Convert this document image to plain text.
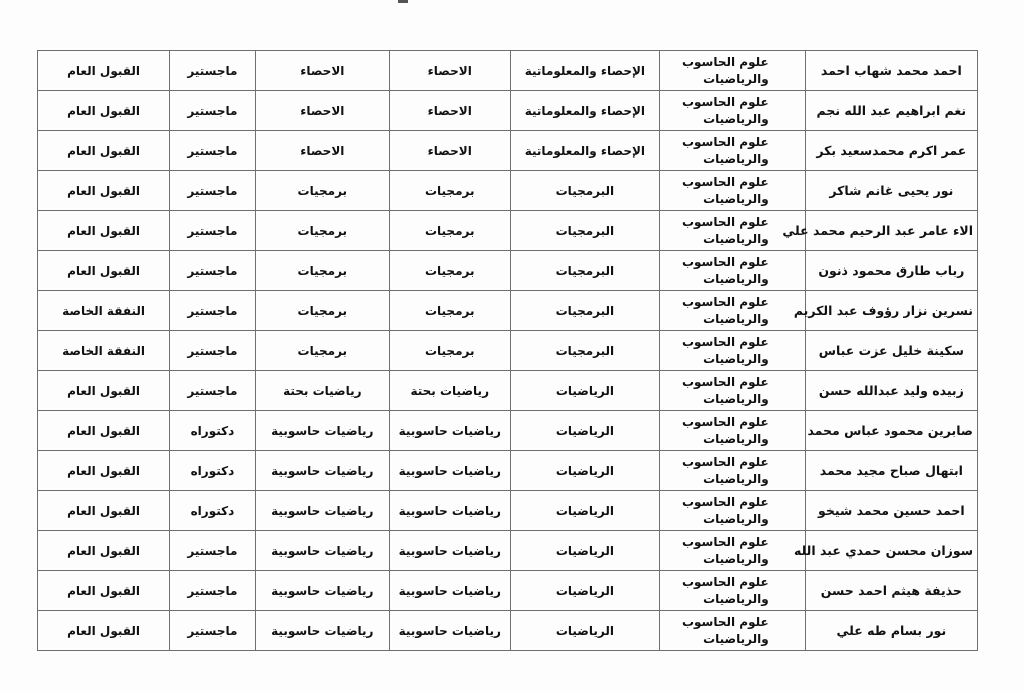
احمد محمد شهاب احمد	علوم الحاسوب والرياضيات	الإحصاء والمعلوماتية	الاحصاء	الاحصاء	ماجستير	القبول العام
نغم ابراهيم عبد الله نجم	علوم الحاسوب والرياضيات	الإحصاء والمعلوماتية	الاحصاء	الاحصاء	ماجستير	القبول العام
عمر اكرم محمدسعيد بكر	علوم الحاسوب والرياضيات	الإحصاء والمعلوماتية	الاحصاء	الاحصاء	ماجستير	القبول العام
نور يحيى غانم شاكر	علوم الحاسوب والرياضيات	البرمجيات	برمجيات	برمجيات	ماجستير	القبول العام
الاء عامر عبد الرحيم محمد علي	علوم الحاسوب والرياضيات	البرمجيات	برمجيات	برمجيات	ماجستير	القبول العام
رباب طارق محمود ذنون	علوم الحاسوب والرياضيات	البرمجيات	برمجيات	برمجيات	ماجستير	القبول العام
نسرين نزار رؤوف عبد الكريم	علوم الحاسوب والرياضيات	البرمجيات	برمجيات	برمجيات	ماجستير	النفقة الخاصة
سكينة خليل عزت عباس	علوم الحاسوب والرياضيات	البرمجيات	برمجيات	برمجيات	ماجستير	النفقة الخاصة
زبيده وليد عبدالله حسن	علوم الحاسوب والرياضيات	الرياضيات	رياضيات بحتة	رياضيات بحتة	ماجستير	القبول العام
صابرين محمود عباس محمد	علوم الحاسوب والرياضيات	الرياضيات	رياضيات حاسوبية	رياضيات حاسوبية	دكتوراه	القبول العام
ابتهال صباح مجيد محمد	علوم الحاسوب والرياضيات	الرياضيات	رياضيات حاسوبية	رياضيات حاسوبية	دكتوراه	القبول العام
احمد حسين محمد شيخو	علوم الحاسوب والرياضيات	الرياضيات	رياضيات حاسوبية	رياضيات حاسوبية	دكتوراه	القبول العام
سوزان محسن حمدي عبد الله	علوم الحاسوب والرياضيات	الرياضيات	رياضيات حاسوبية	رياضيات حاسوبية	ماجستير	القبول العام
حذيفة هيثم احمد حسن	علوم الحاسوب والرياضيات	الرياضيات	رياضيات حاسوبية	رياضيات حاسوبية	ماجستير	القبول العام
نور بسام طه علي	علوم الحاسوب والرياضيات	الرياضيات	رياضيات حاسوبية	رياضيات حاسوبية	ماجستير	القبول العام
